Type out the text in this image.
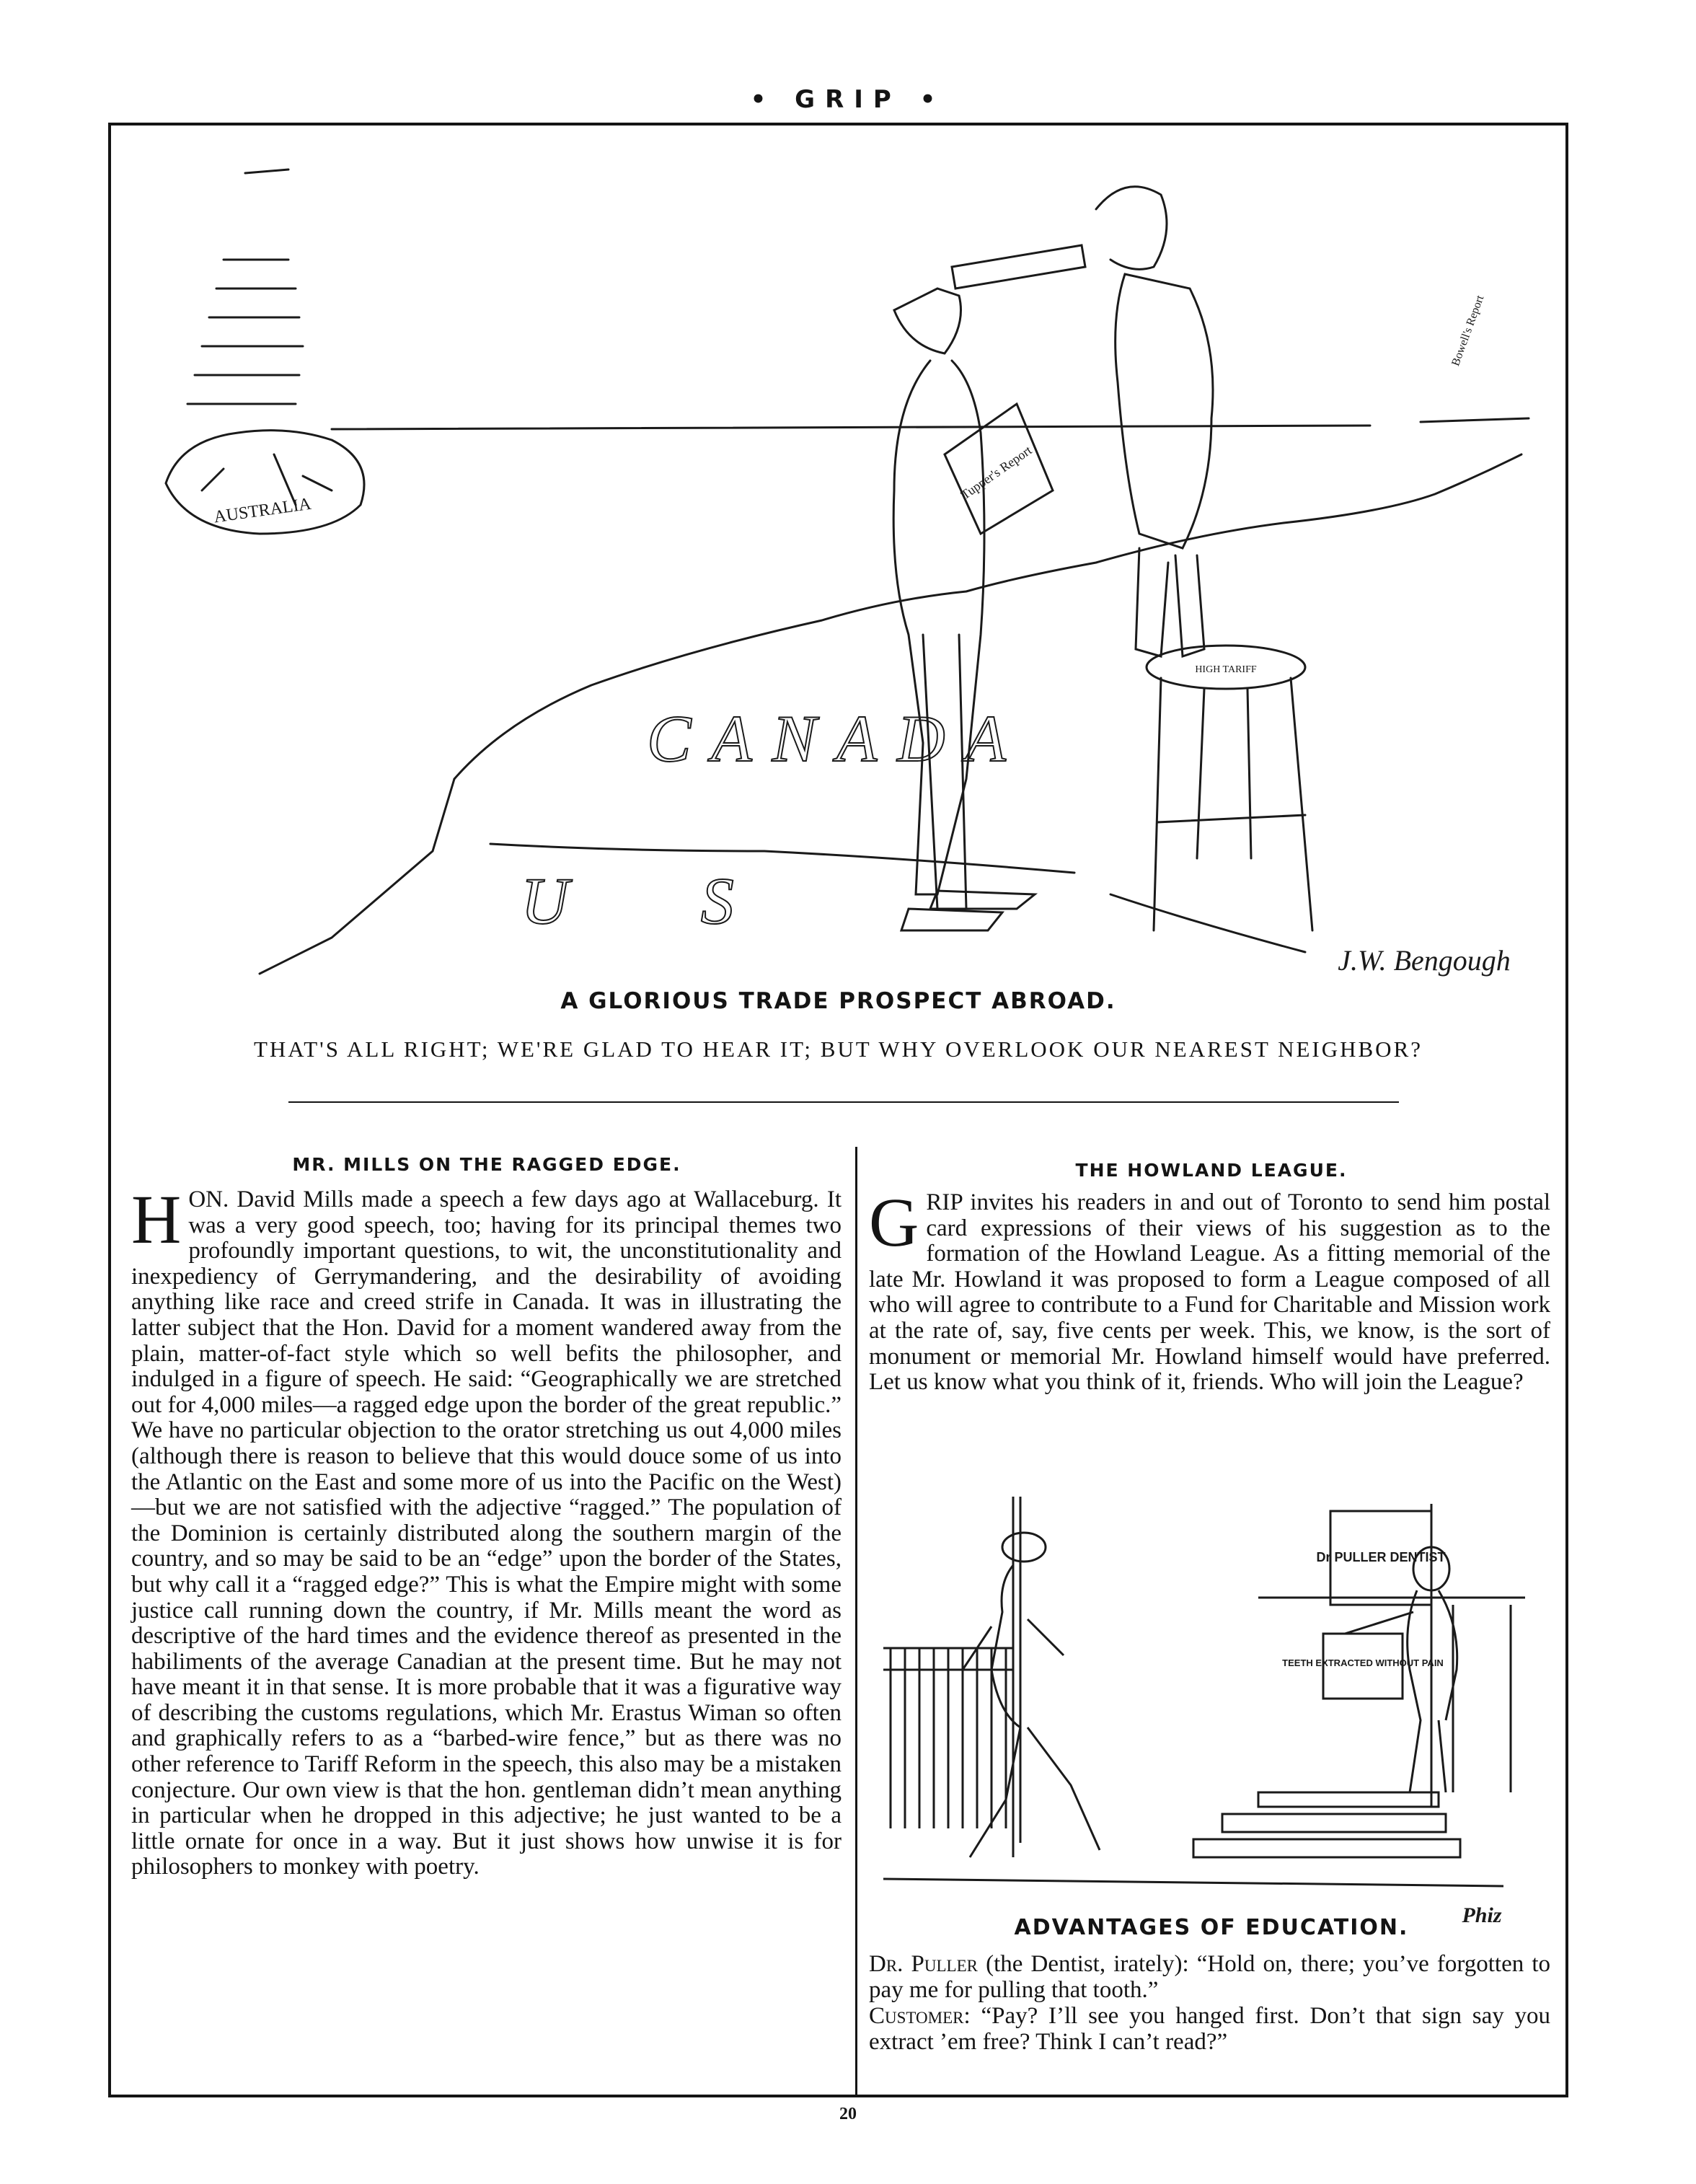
• GRIP •
AUSTRALIA
CANADA
U S
Tupper's Report
HIGH TARIFF
Bowell's Report
J.W. Bengough
A GLORIOUS TRADE PROSPECT ABROAD.
THAT'S ALL RIGHT; WE'RE GLAD TO HEAR IT; BUT WHY OVERLOOK OUR NEAREST NEIGHBOR?
MR. MILLS ON THE RAGGED EDGE.

HON. David Mills made a speech a few days ago at Wallaceburg. It was a very good speech, too; having for its principal themes two profoundly important questions, to wit, the unconstitutionality and inexpediency of Gerrymandering, and the desirability of avoiding anything like race and creed strife in Canada. It was in illustrating the latter subject that the Hon. David for a moment wandered away from the plain, matter-of-fact style which so well befits the philosopher, and indulged in a figure of speech. He said: “Geographically we are stretched out for 4,000 miles—a ragged edge upon the border of the great republic.” We have no particular objection to the orator stretching us out 4,000 miles (although there is reason to believe that this would douce some of us into the Atlantic on the East and some more of us into the Pacific on the West)—but we are not satisfied with the adjective “ragged.” The population of the Dominion is certainly distributed along the southern margin of the country, and so may be said to be an “edge” upon the border of the States, but why call it a “ragged edge?” This is what the Empire might with some justice call running down the country, if Mr. Mills meant the word as descriptive of the hard times and the evidence thereof as presented in the habiliments of the average Canadian at the present time. But he may not have meant it in that sense. It is more probable that it was a figurative way of describing the customs regulations, which Mr. Erastus Wiman so often and graphically refers to as a “barbed-wire fence,” but as there was no other reference to Tariff Reform in the speech, this also may be a mistaken conjecture. Our own view is that the hon. gentleman didn’t mean anything in particular when he dropped in this adjective; he just wanted to be a little ornate for once in a way. But it just shows how unwise it is for philosophers to monkey with poetry.

THE HOWLAND LEAGUE.

GRIP invites his readers in and out of Toronto to send him postal card expressions of their views of his suggestion as to the formation of the Howland League. As a fitting memorial of the late Mr. Howland it was proposed to form a League composed of all who will agree to contribute to a Fund for Charitable and Mission work at the rate of, say, five cents per week. This, we know, is the sort of monument or memorial Mr. Howland himself would have preferred. Let us know what you think of it, friends. Who will join the League?

Dr PULLER DENTIST
TEETH EXTRACTED WITHOUT PAIN
Phiz
ADVANTAGES OF EDUCATION.

Dr. Puller (the Dentist, irately): “Hold on, there; you’ve forgotten to pay me for pulling that tooth.”
Customer: “Pay? I’ll see you hanged first. Don’t that sign say you extract ’em free? Think I can’t read?”

20
